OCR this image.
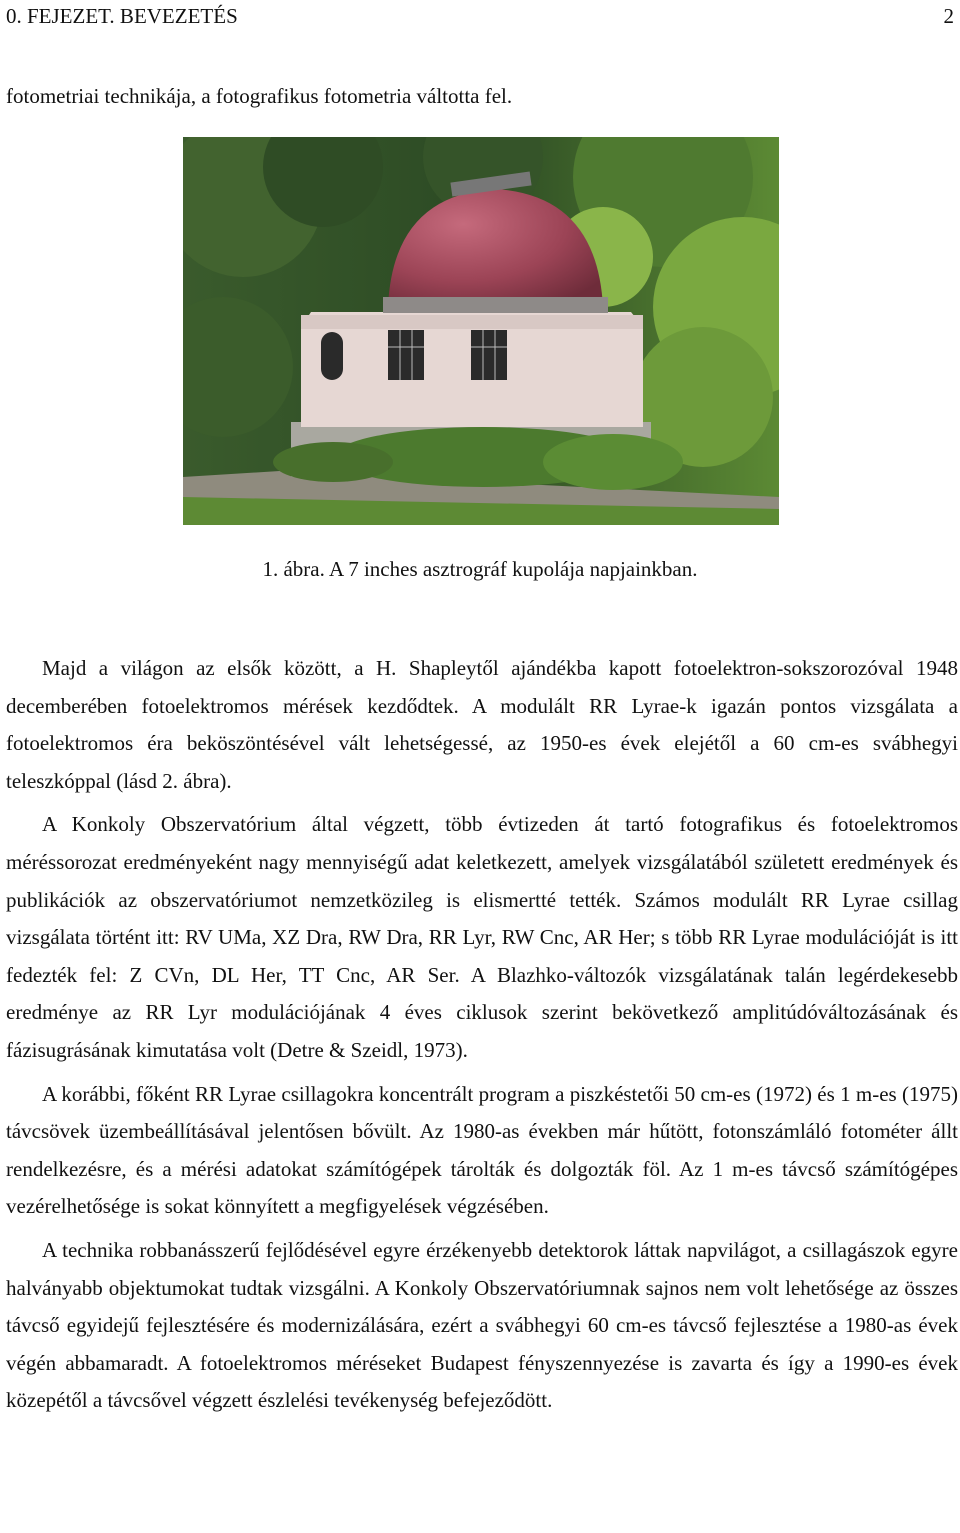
0. FEJEZET. BEVEZETÉS	2
fotometriai technikája, a fotografikus fotometria váltotta fel.
1. ábra. A 7 inches asztrográf kupolája napjainkban.

Majd a világon az elsők között, a H. Shapleytől ajándékba kapott fotoelektron-sokszorozóval 1948 decemberében fotoelektromos mérések kezdődtek. A modulált RR Lyrae-k igazán pontos vizsgálata a fotoelektromos éra beköszöntésével vált lehetségessé, az 1950-es évek elejétől a 60 cm-es svábhegyi teleszkóppal (lásd 2. ábra).

A Konkoly Obszervatórium által végzett, több évtizeden át tartó fotografikus és fotoelektromos méréssorozat eredményeként nagy mennyiségű adat keletkezett, amelyek vizsgálatából született eredmények és publikációk az obszervatóriumot nemzetközileg is elismertté tették. Számos modulált RR Lyrae csillag vizsgálata történt itt: RV UMa, XZ Dra, RW Dra, RR Lyr, RW Cnc, AR Her; s több RR Lyrae modulációját is itt fedezték fel: Z CVn, DL Her, TT Cnc, AR Ser. A Blazhko-változók vizsgálatának talán legérdekesebb eredménye az RR Lyr modulációjának 4 éves ciklusok szerint bekövetkező amplitúdóváltozásának és fázisugrásának kimutatása volt (Detre & Szeidl, 1973).

A korábbi, főként RR Lyrae csillagokra koncentrált program a piszkéstetői 50 cm-es (1972) és 1 m-es (1975) távcsövek üzembeállításával jelentősen bővült. Az 1980-as években már hűtött, fotonszámláló fotométer állt rendelkezésre, és a mérési adatokat számítógépek tárolták és dolgozták föl. Az 1 m-es távcső számítógépes vezérelhetősége is sokat könnyített a megfigyelések végzésében.

A technika robbanásszerű fejlődésével egyre érzékenyebb detektorok láttak napvilágot, a csillagászok egyre halványabb objektumokat tudtak vizsgálni. A Konkoly Obszervatóriumnak sajnos nem volt lehetősége az összes távcső egyidejű fejlesztésére és modernizálására, ezért a svábhegyi 60 cm-es távcső fejlesztése a 1980-as évek végén abbamaradt. A fotoelektromos méréseket Budapest fényszennyezése is zavarta és így a 1990-es évek közepétől a távcsővel végzett észlelési tevékenység befejeződött.
